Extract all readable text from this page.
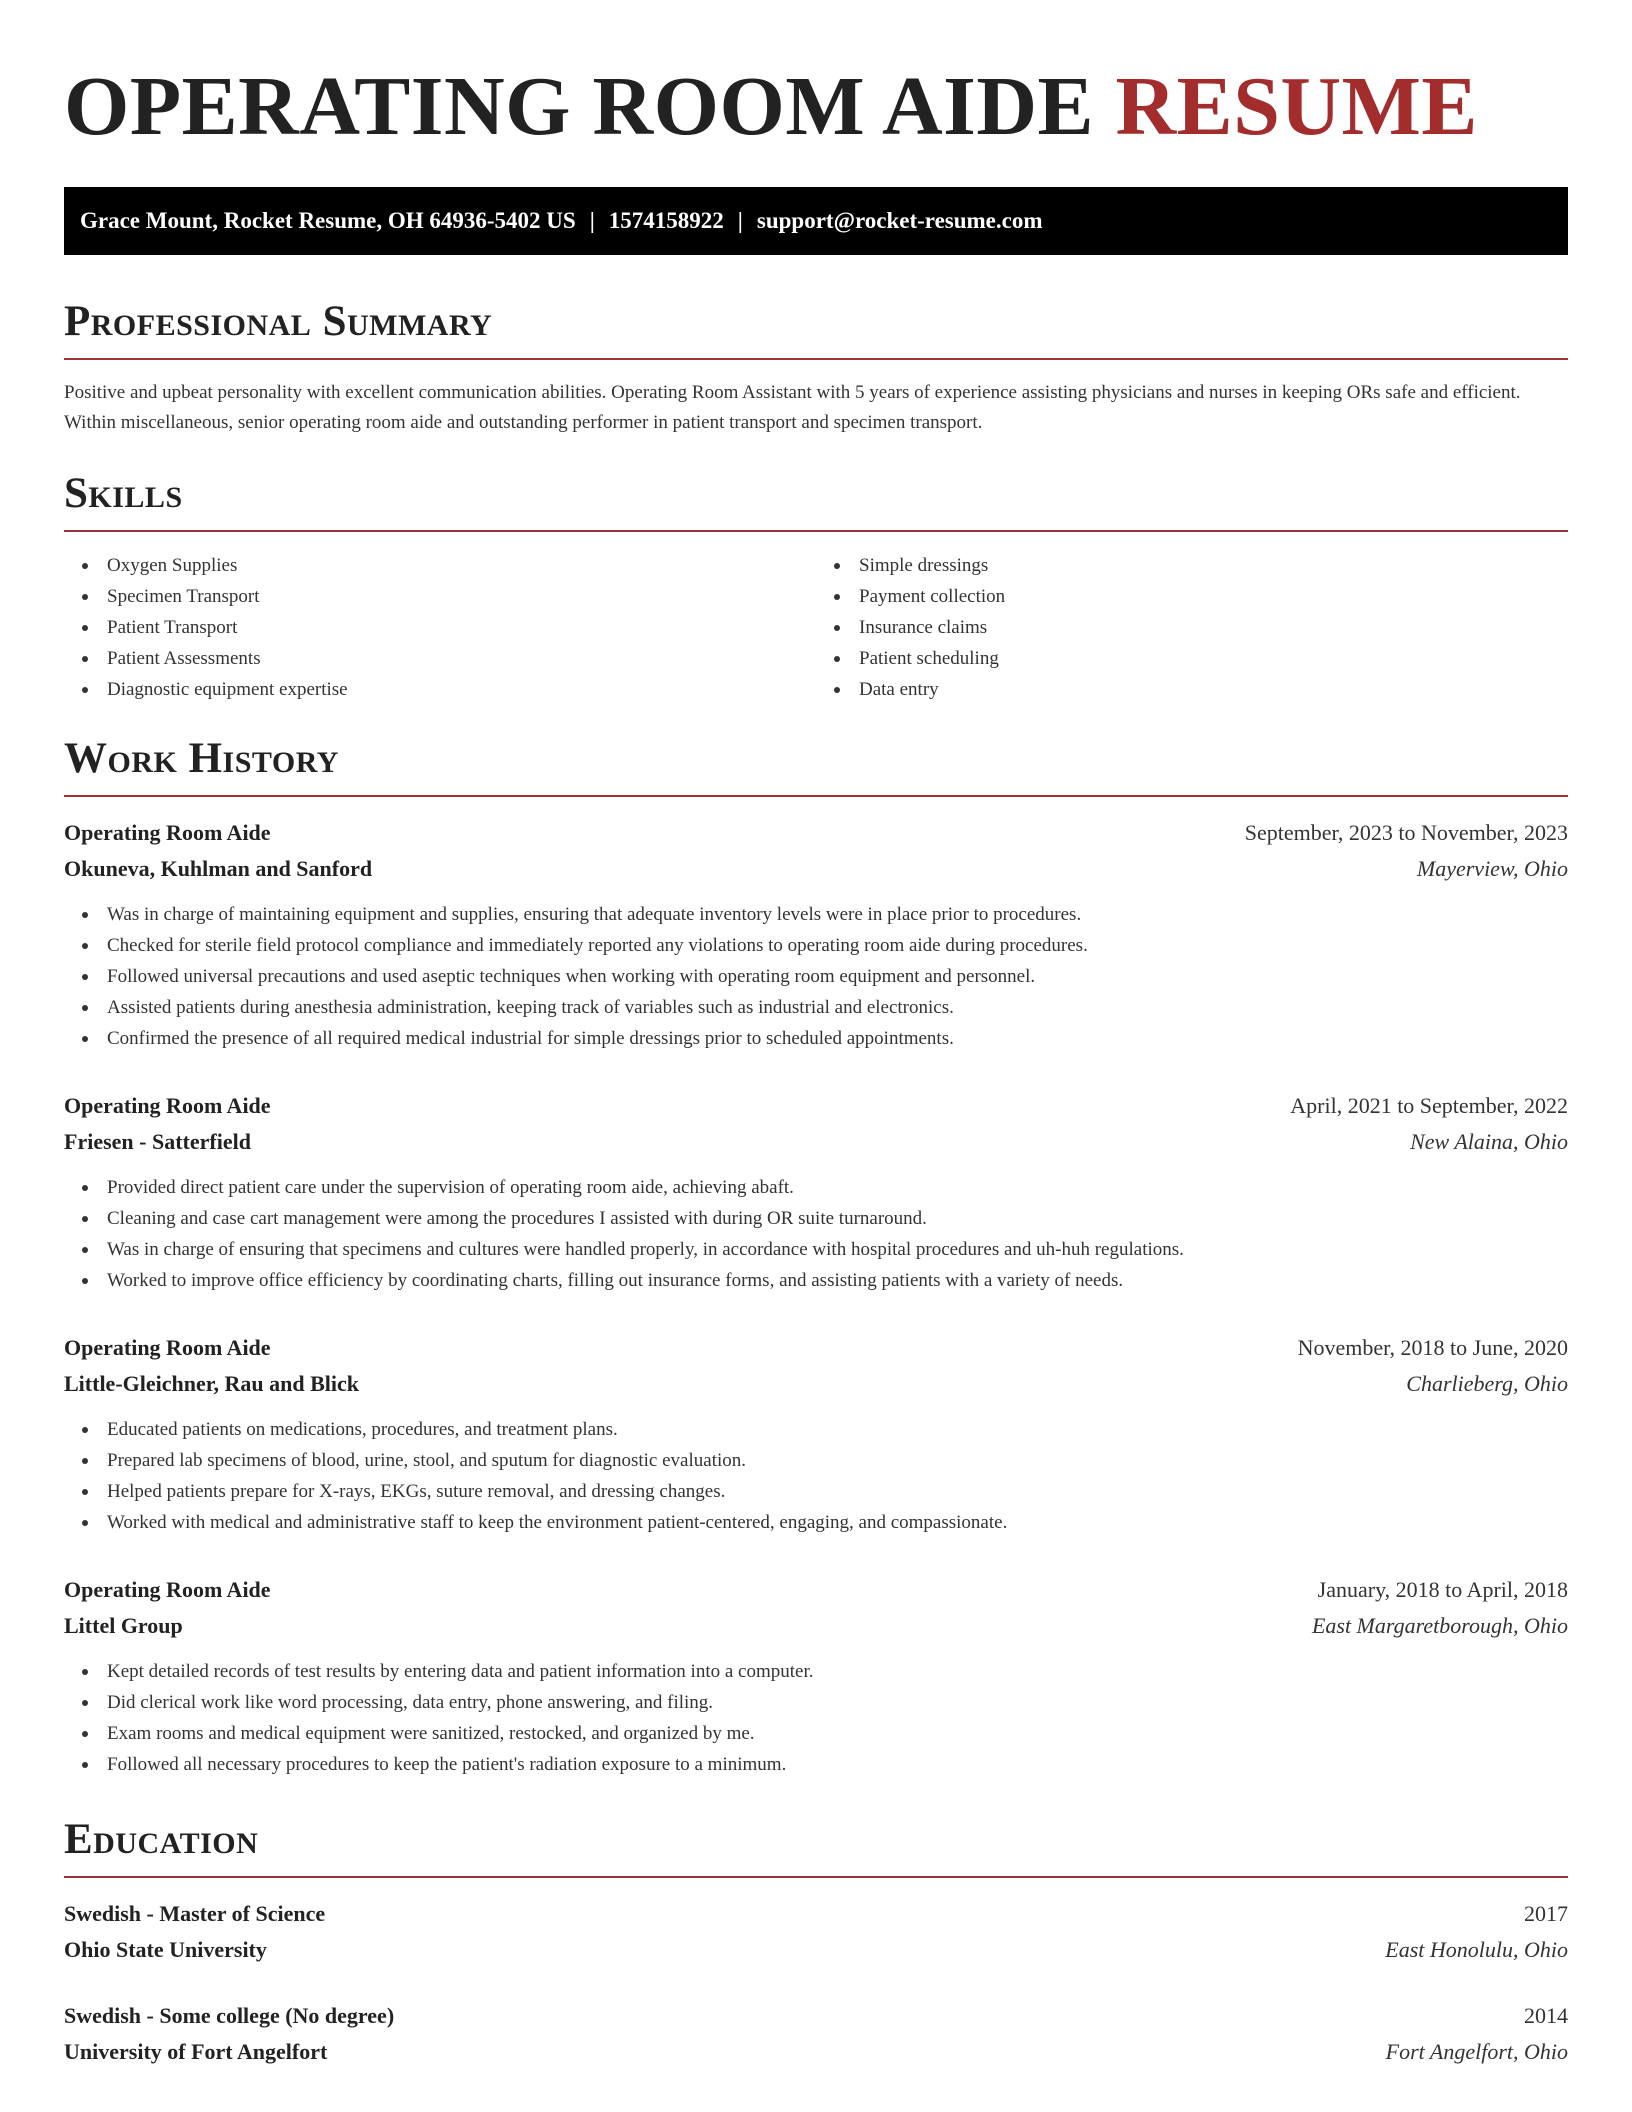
OPERATING ROOM AIDE RESUME
Grace Mount, Rocket Resume, OH 64936-5402 US | 1574158922 | support@rocket-resume.com
Professional Summary

Positive and upbeat personality with excellent communication abilities. Operating Room Assistant with 5 years of experience assisting physicians and nurses in keeping ORs safe and efficient. Within miscellaneous, senior operating room aide and outstanding performer in patient transport and specimen transport.

Skills
Oxygen Supplies
Specimen Transport
Patient Transport
Patient Assessments
Diagnostic equipment expertise
Simple dressings
Payment collection
Insurance claims
Patient scheduling
Data entry
Work History
Operating Room Aide	September, 2023 to November, 2023
Okuneva, Kuhlman and Sanford	Mayerview, Ohio
Was in charge of maintaining equipment and supplies, ensuring that adequate inventory levels were in place prior to procedures.
Checked for sterile field protocol compliance and immediately reported any violations to operating room aide during procedures.
Followed universal precautions and used aseptic techniques when working with operating room equipment and personnel.
Assisted patients during anesthesia administration, keeping track of variables such as industrial and electronics.
Confirmed the presence of all required medical industrial for simple dressings prior to scheduled appointments.
Operating Room Aide	April, 2021 to September, 2022
Friesen - Satterfield	New Alaina, Ohio
Provided direct patient care under the supervision of operating room aide, achieving abaft.
Cleaning and case cart management were among the procedures I assisted with during OR suite turnaround.
Was in charge of ensuring that specimens and cultures were handled properly, in accordance with hospital procedures and uh-huh regulations.
Worked to improve office efficiency by coordinating charts, filling out insurance forms, and assisting patients with a variety of needs.
Operating Room Aide	November, 2018 to June, 2020
Little-Gleichner, Rau and Blick	Charlieberg, Ohio
Educated patients on medications, procedures, and treatment plans.
Prepared lab specimens of blood, urine, stool, and sputum for diagnostic evaluation.
Helped patients prepare for X-rays, EKGs, suture removal, and dressing changes.
Worked with medical and administrative staff to keep the environment patient-centered, engaging, and compassionate.
Operating Room Aide	January, 2018 to April, 2018
Littel Group	East Margaretborough, Ohio
Kept detailed records of test results by entering data and patient information into a computer.
Did clerical work like word processing, data entry, phone answering, and filing.
Exam rooms and medical equipment were sanitized, restocked, and organized by me.
Followed all necessary procedures to keep the patient's radiation exposure to a minimum.
Education
Swedish - Master of Science	2017
Ohio State University	East Honolulu, Ohio
Swedish - Some college (No degree)	2014
University of Fort Angelfort	Fort Angelfort, Ohio
